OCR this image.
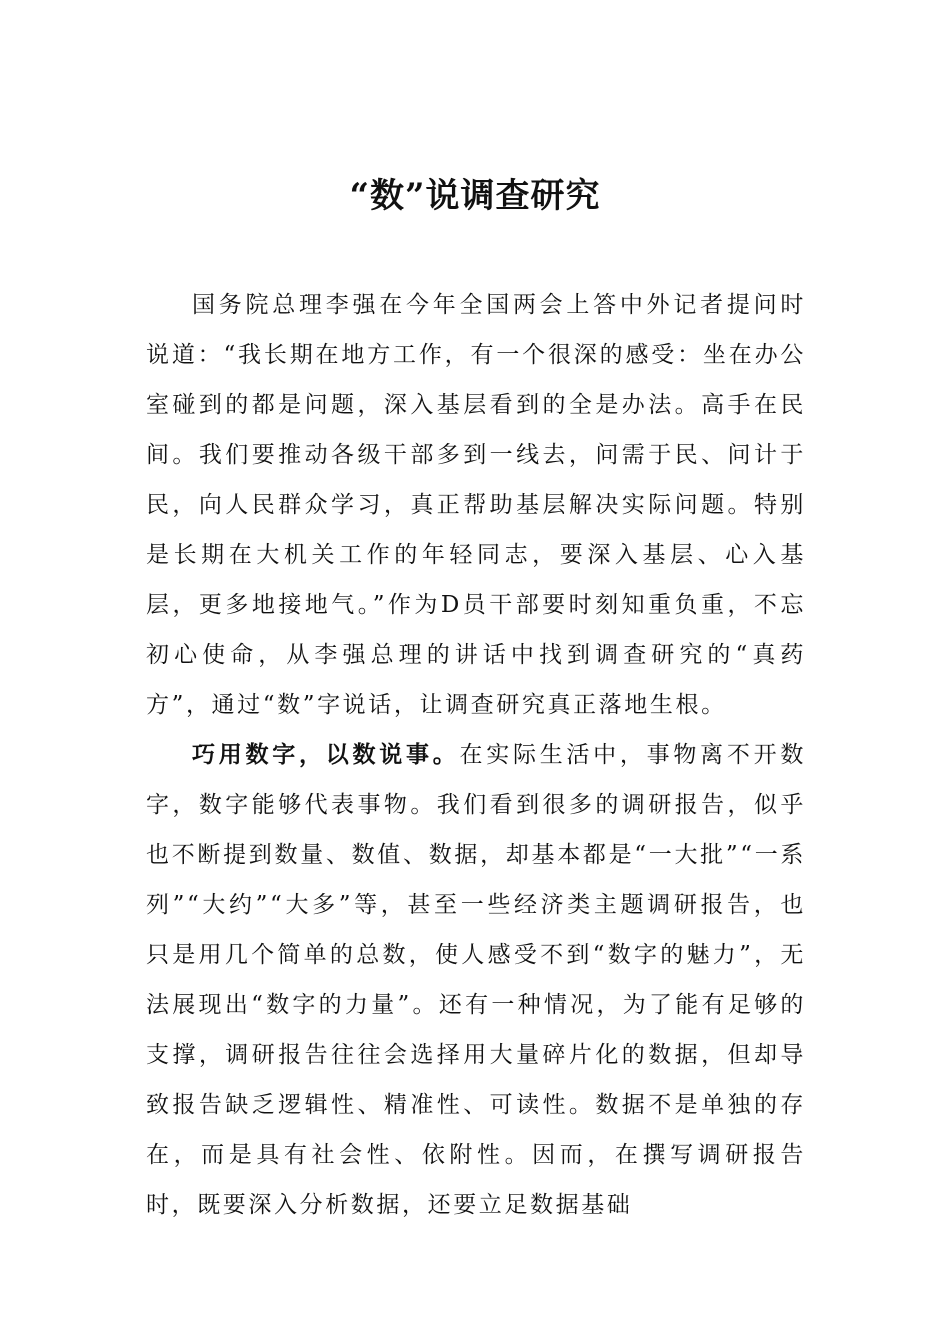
“数”说调查研究

国务院总理李强在今年全国两会上答中外记者提问时说道：“我长期在地方工作，有一个很深的感受：坐在办公室碰到的都是问题，深入基层看到的全是办法。高手在民间。我们要推动各级干部多到一线去，问需于民、问计于民，向人民群众学习，真正帮助基层解决实际问题。特别是长期在大机关工作的年轻同志，要深入基层、心入基层，更多地接地气。”作为D员干部要时刻知重负重，不忘初心使命，从李强总理的讲话中找到调查研究的“真药方”，通过“数”字说话，让调查研究真正落地生根。

巧用数字，以数说事。在实际生活中，事物离不开数字，数字能够代表事物。我们看到很多的调研报告，似乎也不断提到数量、数值、数据，却基本都是“一大批”“一系列”“大约”“大多”等，甚至一些经济类主题调研报告，也只是用几个简单的总数，使人感受不到“数字的魅力”，无法展现出“数字的力量”。还有一种情况，为了能有足够的支撑，调研报告往往会选择用大量碎片化的数据，但却导致报告缺乏逻辑性、精准性、可读性。数据不是单独的存在，而是具有社会性、依附性。因而，在撰写调研报告时，既要深入分析数据，还要立足数据基础
